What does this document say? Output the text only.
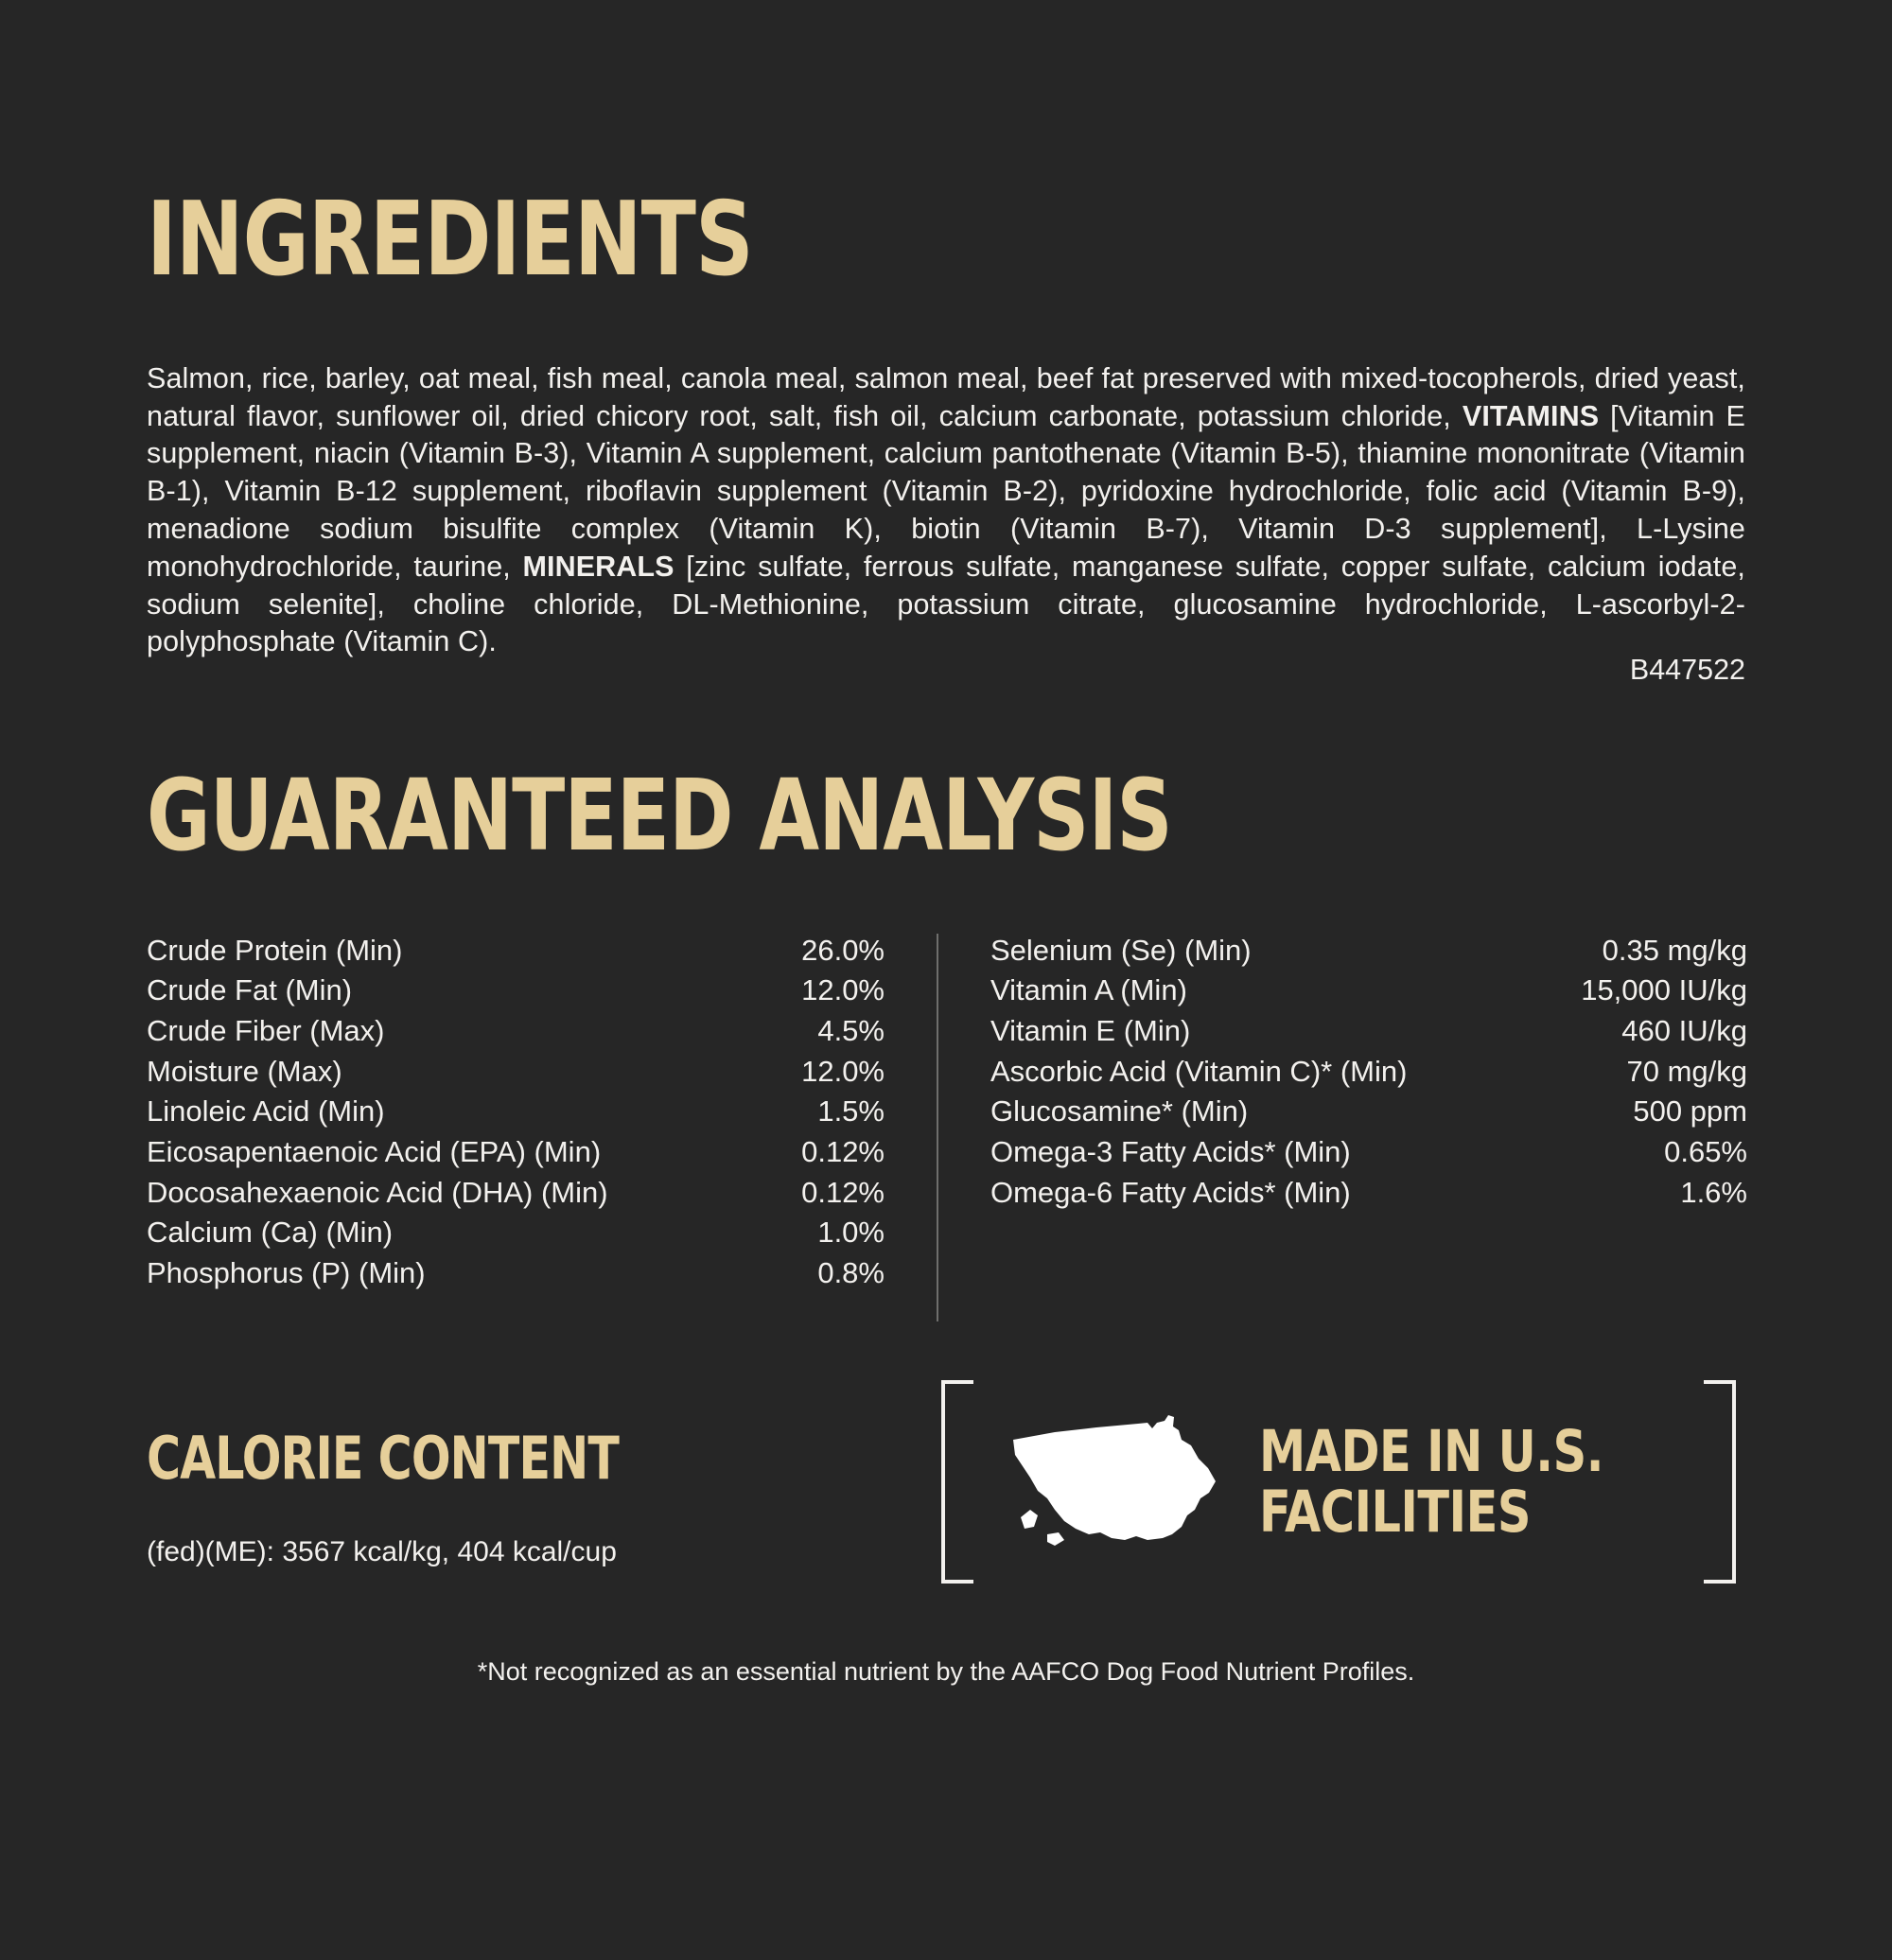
INGREDIENTS

Salmon, rice, barley, oat meal, fish meal, canola meal, salmon meal, beef fat preserved with mixed-tocopherols, dried yeast, natural flavor, sunflower oil, dried chicory root, salt, fish oil, calcium carbonate, potassium chloride, VITAMINS [Vitamin E supplement, niacin (Vitamin B-3), Vitamin A supplement, calcium pantothenate (Vitamin B-5), thiamine mononitrate (Vitamin B-1), Vitamin B-12 supplement, riboflavin supplement (Vitamin B-2), pyridoxine hydrochloride, folic acid (Vitamin B-9), menadione sodium bisulfite complex (Vitamin K), biotin (Vitamin B-7), Vitamin D-3 supplement], L-Lysine monohydrochloride, taurine, MINERALS [zinc sulfate, ferrous sulfate, manganese sulfate, copper sulfate, calcium iodate, sodium selenite], choline chloride, DL-Methionine, potassium citrate, glucosamine hydrochloride, L-ascorbyl-2-polyphosphate (Vitamin C).

B447522
GUARANTEED ANALYSIS
Crude Protein (Min)	26.0%
Crude Fat (Min)	12.0%
Crude Fiber (Max)	4.5%
Moisture (Max)	12.0%
Linoleic Acid (Min)	1.5%
Eicosapentaenoic Acid (EPA) (Min)	0.12%
Docosahexaenoic Acid (DHA) (Min)	0.12%
Calcium (Ca) (Min)	1.0%
Phosphorus (P) (Min)	0.8%
Selenium (Se) (Min)	0.35 mg/kg
Vitamin A (Min)	15,000 IU/kg
Vitamin E (Min)	460 IU/kg
Ascorbic Acid (Vitamin C)* (Min)	70 mg/kg
Glucosamine* (Min)	500 ppm
Omega-3 Fatty Acids* (Min)	0.65%
Omega-6 Fatty Acids* (Min)	1.6%
CALORIE CONTENT
(fed)(ME): 3567 kcal/kg, 404 kcal/cup
MADE IN U.S.
FACILITIES
*Not recognized as an essential nutrient by the AAFCO Dog Food Nutrient Profiles.
